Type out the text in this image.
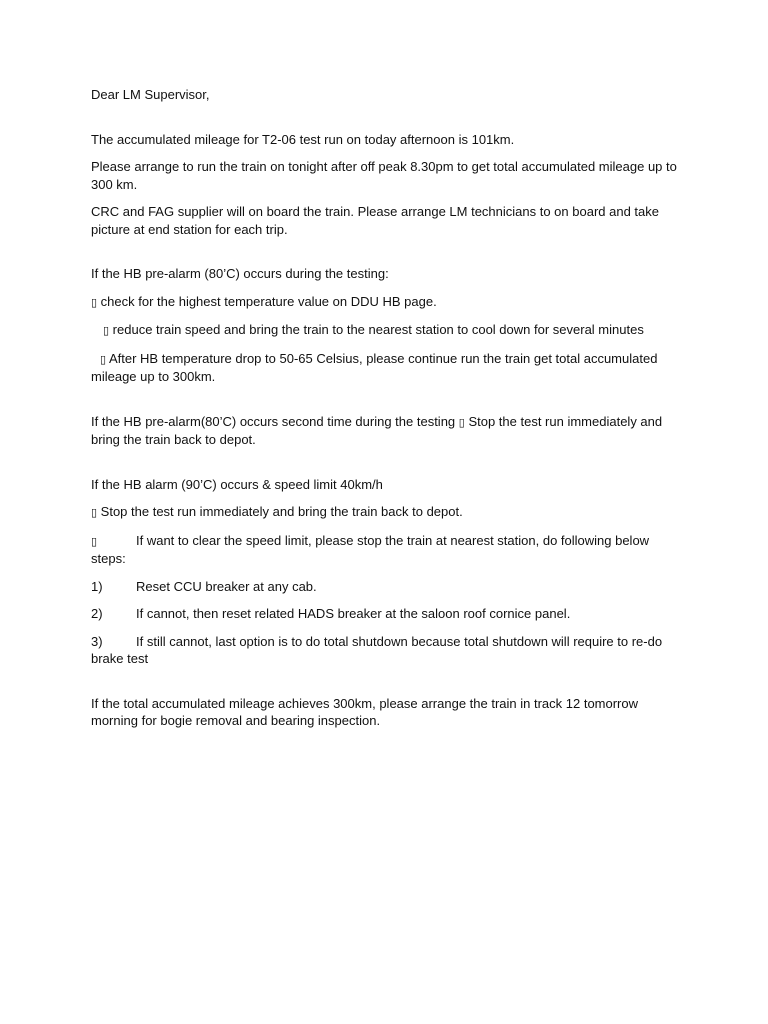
Dear LM Supervisor,

The accumulated mileage for T2-06 test run on today afternoon is 101km.

Please arrange to run the train on tonight after off peak 8.30pm to get total accumulated mileage up to 300 km.

CRC and FAG supplier will on board the train. Please arrange LM technicians to on board and take picture at end station for each trip.

If the HB pre-alarm (80’C) occurs during the testing:

▯ check for the highest temperature value on DDU HB page.

▯ reduce train speed and bring the train to the nearest station to cool down for several minutes

▯ After HB temperature drop to 50-65 Celsius, please continue run the train get total accumulated mileage up to 300km.

If the HB pre-alarm(80’C) occurs second time during the testing ▯ Stop the test run immediately and bring the train back to depot.

If the HB alarm (90’C) occurs & speed limit 40km/h

▯ Stop the test run immediately and bring the train back to depot.

▯	If want to clear the speed limit, please stop the train at nearest station, do following below steps:

1)	Reset CCU breaker at any cab.

2)	If cannot, then reset related HADS breaker at the saloon roof cornice panel.

3)	If still cannot, last option is to do total shutdown because total shutdown will require to re-do brake test

If the total accumulated mileage achieves 300km, please arrange the train in track 12 tomorrow morning for bogie removal and bearing inspection.
